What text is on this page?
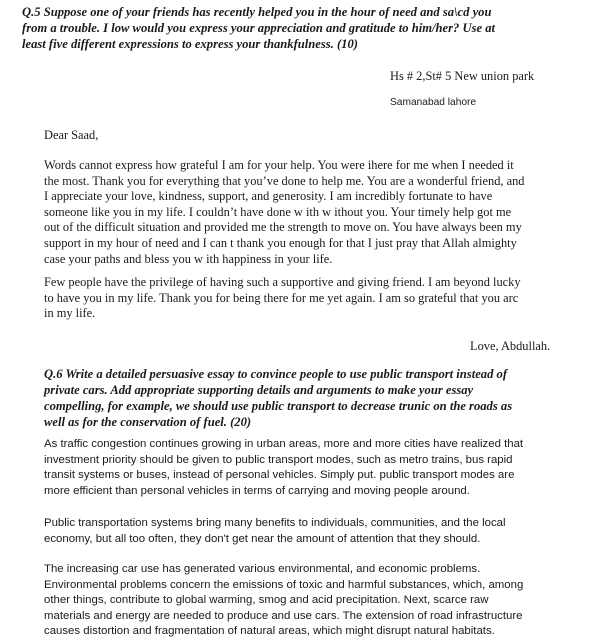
Q.5 Suppose one of your friends has recently helped you in the hour of need and sa\cd you
from a trouble. I low would you express your appreciation and gratitude to him/her? Use at
least five different expressions to express your thankfulness. (10)
Hs # 2,St# 5 New union park
Samanabad lahore
Dear Saad,
Words cannot express how grateful I am for your help. You were ihere for me when I needed it
the most. Thank you for everything that you’ve done to help me. You are a wonderful friend, and
I appreciate your love, kindness, support, and generosity. I am incredibly fortunate to have
someone like you in my life. I couldn’t have done w ith w ithout you. Your timely help got me
out of the difficult situation and provided me the strength to move on. You have always been my
support in my hour of need and I can t thank you enough for that I just pray that Allah almighty
case your paths and bless you w ith happiness in your life.
Few people have the privilege of having such a supportive and giving friend. I am beyond lucky
to have you in my life. Thank you for being there for me yet again. I am so grateful that you arc
in my life.
Love, Abdullah.
Q.6 Write a detailed persuasive essay to convince people to use public transport instead of
private cars. Add appropriate supporting details and arguments to make your essay
compelling, for example, we should use public transport to decrease trunic on the roads as
well as for the conservation of fuel. (20)
As traffic congestion continues growing in urban areas, more and more cities have realized that
investment priority should be given to public transport modes, such as metro trains, bus rapid
transit systems or buses, instead of personal vehicles. Simply put. public transport modes are
more efficient than personal vehicles in terms of carrying and moving people around.
Public transportation systems bring many benefits to individuals, communities, and the local
economy, but all too often, they don't get near the amount of attention that they should.
The increasing car use has generated various environmental, and economic problems.
Environmental problems concern the emissions of toxic and harmful substances, which, among
other things, contribute to global warming, smog and acid precipitation. Next, scarce raw
materials and energy are needed to produce and use cars. The extension of road infrastructure
causes distortion and fragmentation of natural areas, which might disrupt natural habitats.
